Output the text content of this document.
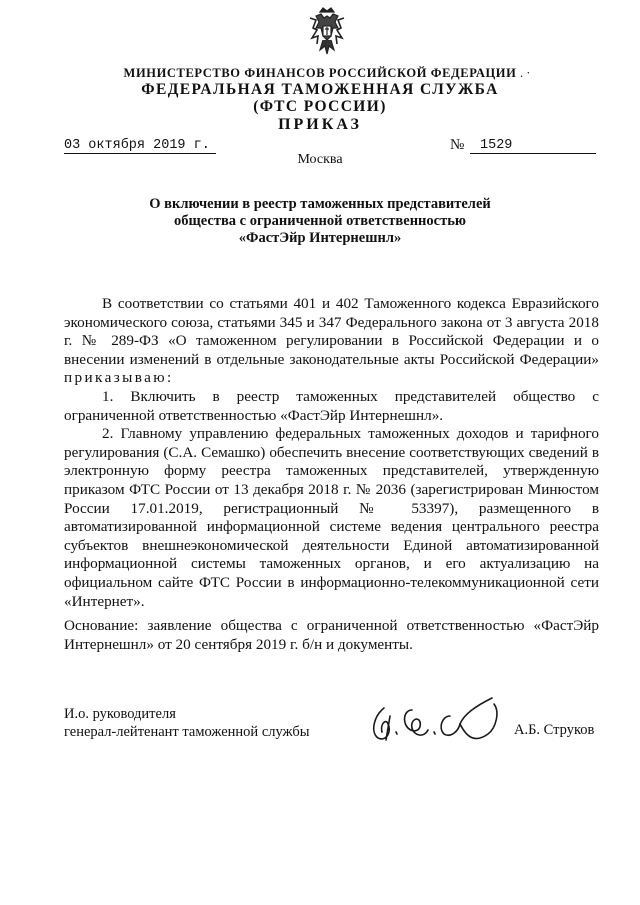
МИНИСТЕРСТВО ФИНАНСОВ РОССИЙСКОЙ ФЕДЕРАЦИИ . ·
ФЕДЕРАЛЬНАЯ ТАМОЖЕННАЯ СЛУЖБА
(ФТС РОССИИ)
ПРИКАЗ
03 октября 2019 г.	№	1529
Москва
О включении в реестр таможенных представителей
общества с ограниченной ответственностью
«ФастЭйр Интернешнл»

В соответствии со статьями 401 и 402 Таможенного кодекса Евразийского экономического союза, статьями 345 и 347 Федерального закона от 3 августа 2018 г. № 289-ФЗ «О таможенном регулировании в Российской Федерации и о внесении изменений в отдельные законодательные акты Российской Федерации» приказываю:

1. Включить в реестр таможенных представителей общество с ограниченной ответственностью «ФастЭйр Интернешнл».

2. Главному управлению федеральных таможенных доходов и тарифного регулирования (С.А. Семашко) обеспечить внесение соответствующих сведений в электронную форму реестра таможенных представителей, утвержденную приказом ФТС России от 13 декабря 2018 г. № 2036 (зарегистрирован Минюстом России 17.01.2019, регистрационный № 53397), размещенного в автоматизированной информационной системе ведения центрального реестра субъектов внешнеэкономической деятельности Единой автоматизированной информационной системы таможенных органов, и его актуализацию на официальном сайте ФТС России в информационно-телекоммуникационной сети «Интернет».

Основание: заявление общества с ограниченной ответственностью «ФастЭйр Интернешнл» от 20 сентября 2019 г. б/н и документы.
И.о. руководителя
генерал-лейтенант таможенной службы	А.Б. Струков
